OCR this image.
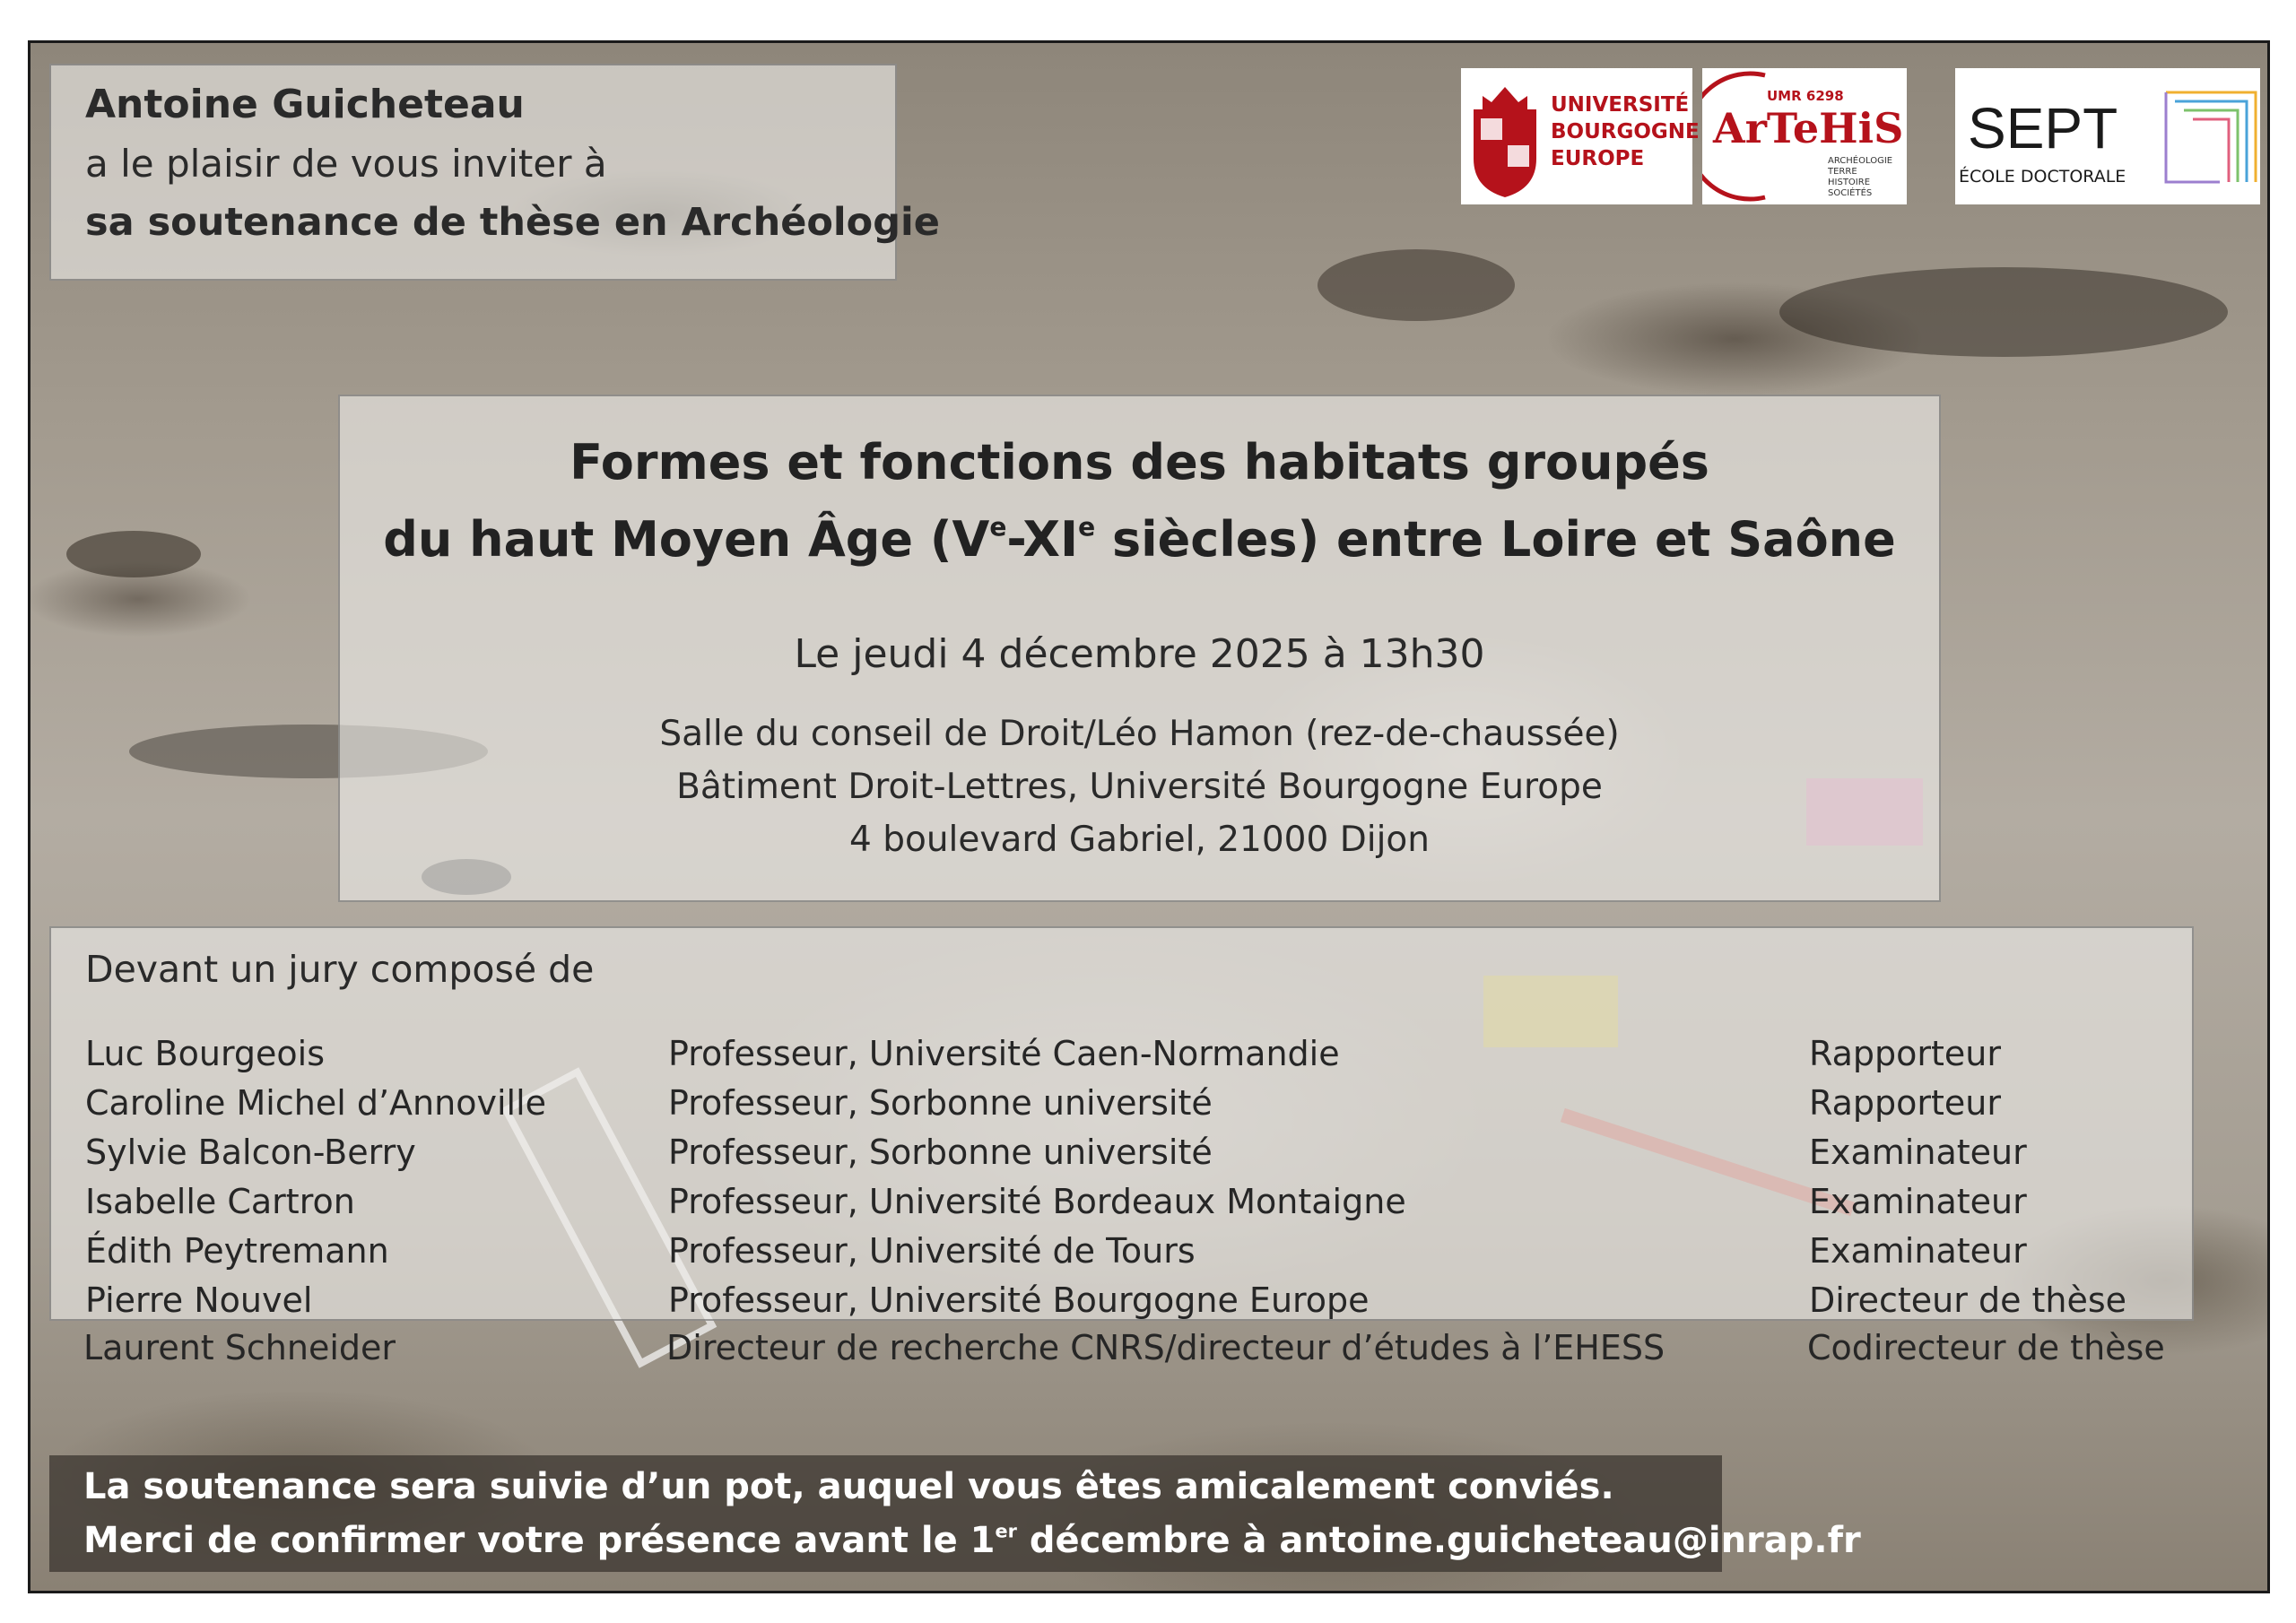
Antoine Guicheteau
a le plaisir de vous inviter à
sa soutenance de thèse en Archéologie
UNIVERSITÉ
BOURGOGNE
EUROPE
UMR 6298
ArTeHiS
ARCHÉOLOGIE
TERRE
HISTOIRE
SOCIÉTÉS
SEPT
ÉCOLE DOCTORALE
Formes et fonctions des habitats groupés
du haut Moyen Âge (Ve-XIe siècles) entre Loire et Saône
Le jeudi 4 décembre 2025 à 13h30
Salle du conseil de Droit/Léo Hamon (rez-de-chaussée)
Bâtiment Droit-Lettres, Université Bourgogne Europe
4 boulevard Gabriel, 21000 Dijon
Devant un jury composé de
Luc Bourgeois	Professeur, Université Caen-Normandie	Rapporteur
Caroline Michel d’Annoville	Professeur, Sorbonne université	Rapporteur
Sylvie Balcon-Berry	Professeur, Sorbonne université	Examinateur
Isabelle Cartron	Professeur, Université Bordeaux Montaigne	Examinateur
Édith Peytremann	Professeur, Université de Tours	Examinateur
Pierre Nouvel	Professeur, Université Bourgogne Europe	Directeur de thèse
Laurent Schneider	Directeur de recherche CNRS/directeur d’études à l’EHESS	Codirecteur de thèse
La soutenance sera suivie d’un pot, auquel vous êtes amicalement conviés.
Merci de confirmer votre présence avant le 1er décembre à antoine.guicheteau@inrap.fr
